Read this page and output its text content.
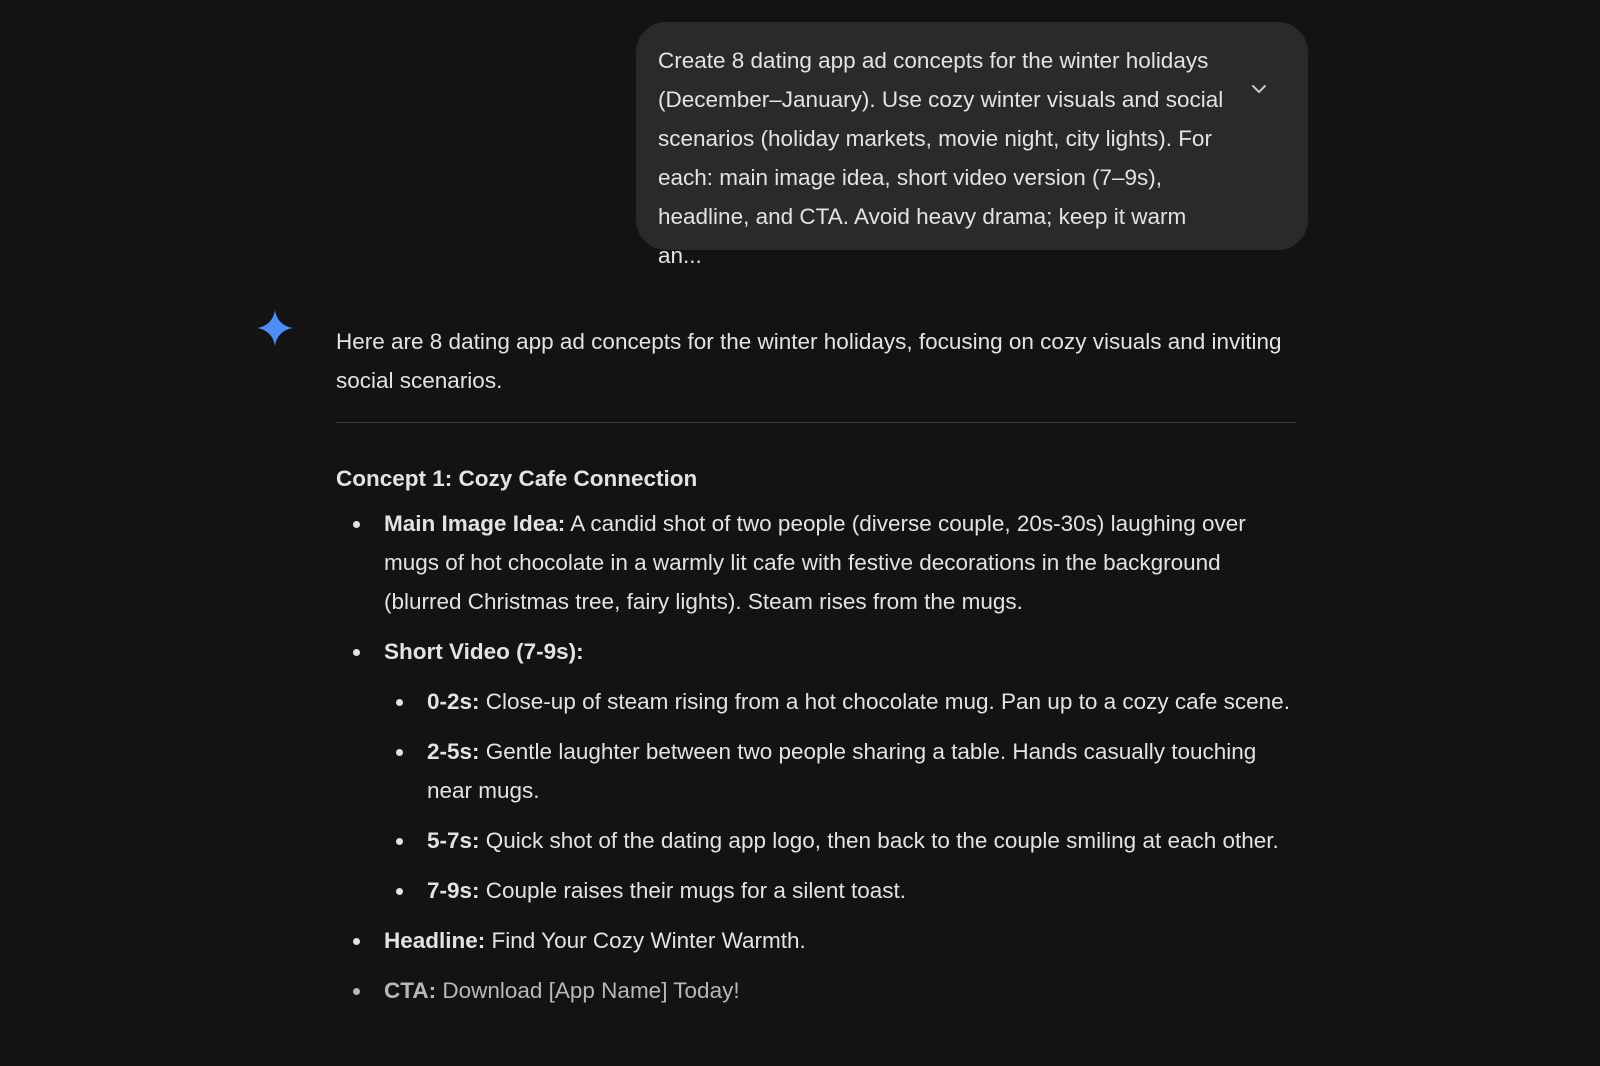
Create 8 dating app ad concepts for the winter holidays (December–January). Use cozy winter visuals and social scenarios (holiday markets, movie night, city lights). For each: main image idea, short video version (7–9s), headline, and CTA. Avoid heavy drama; keep it warm an...

Here are 8 dating app ad concepts for the winter holidays, focusing on cozy visuals and inviting social scenarios.

Concept 1: Cozy Cafe Connection

Main Image Idea: A candid shot of two people (diverse couple, 20s-30s) laughing over mugs of hot chocolate in a warmly lit cafe with festive decorations in the background (blurred Christmas tree, fairy lights). Steam rises from the mugs.
Short Video (7-9s):
0-2s: Close-up of steam rising from a hot chocolate mug. Pan up to a cozy cafe scene.
2-5s: Gentle laughter between two people sharing a table. Hands casually touching near mugs.
5-7s: Quick shot of the dating app logo, then back to the couple smiling at each other.
7-9s: Couple raises their mugs for a silent toast.
Headline: Find Your Cozy Winter Warmth.
CTA: Download [App Name] Today!
